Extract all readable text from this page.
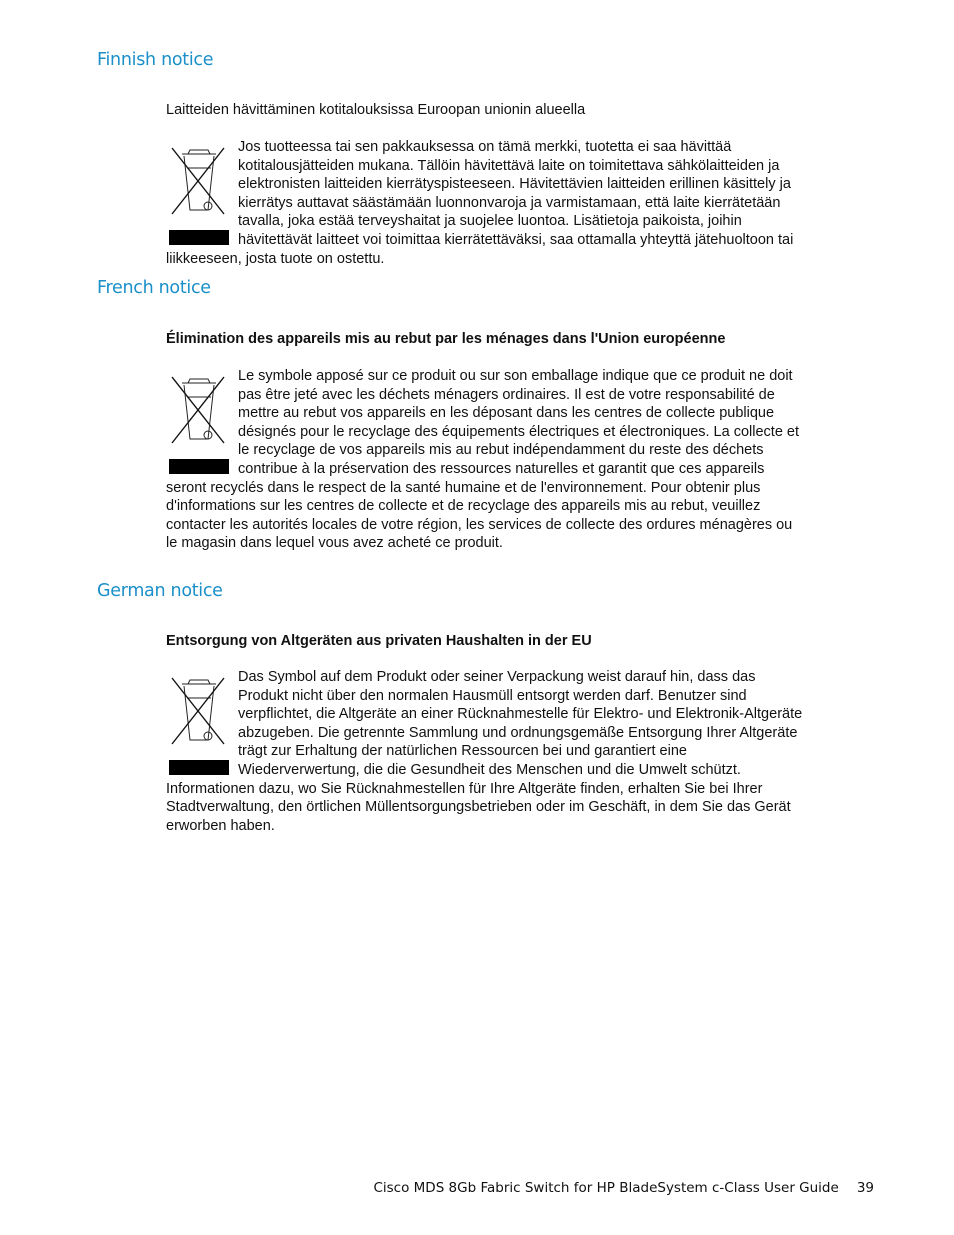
Finnish notice

Laitteiden hävittäminen kotitalouksissa Euroopan unionin alueella

Jos tuotteessa tai sen pakkauksessa on tämä merkki, tuotetta ei saa hävittää kotitalousjätteiden mukana. Tällöin hävitettävä laite on toimitettava sähkölaitteiden ja elektronisten laitteiden kierrätyspisteeseen. Hävitettävien laitteiden erillinen käsittely ja kierrätys auttavat säästämään luonnonvaroja ja varmistamaan, että laite kierrätetään tavalla, joka estää terveyshaitat ja suojelee luontoa. Lisätietoja paikoista, joihin hävitettävät laitteet voi toimittaa kierrätettäväksi, saa ottamalla yhteyttä jätehuoltoon tai liikkeeseen, josta tuote on ostettu.
French notice

Élimination des appareils mis au rebut par les ménages dans l'Union européenne

Le symbole apposé sur ce produit ou sur son emballage indique que ce produit ne doit pas être jeté avec les déchets ménagers ordinaires. Il est de votre responsabilité de mettre au rebut vos appareils en les déposant dans les centres de collecte publique désignés pour le recyclage des équipements électriques et électroniques. La collecte et le recyclage de vos appareils mis au rebut indépendamment du reste des déchets contribue à la préservation des ressources naturelles et garantit que ces appareils seront recyclés dans le respect de la santé humaine et de l'environnement. Pour obtenir plus d'informations sur les centres de collecte et de recyclage des appareils mis au rebut, veuillez contacter les autorités locales de votre région, les services de collecte des ordures ménagères ou le magasin dans lequel vous avez acheté ce produit.
German notice

Entsorgung von Altgeräten aus privaten Haushalten in der EU

Das Symbol auf dem Produkt oder seiner Verpackung weist darauf hin, dass das Produkt nicht über den normalen Hausmüll entsorgt werden darf. Benutzer sind verpflichtet, die Altgeräte an einer Rücknahmestelle für Elektro- und Elektronik-Altgeräte abzugeben. Die getrennte Sammlung und ordnungsgemäße Entsorgung Ihrer Altgeräte trägt zur Erhaltung der natürlichen Ressourcen bei und garantiert eine Wiederverwertung, die die Gesundheit des Menschen und die Umwelt schützt. Informationen dazu, wo Sie Rücknahmestellen für Ihre Altgeräte finden, erhalten Sie bei Ihrer Stadtverwaltung, den örtlichen Müllentsorgungsbetrieben oder im Geschäft, in dem Sie das Gerät erworben haben.

Cisco MDS 8Gb Fabric Switch for HP BladeSystem c-Class User Guide 39
